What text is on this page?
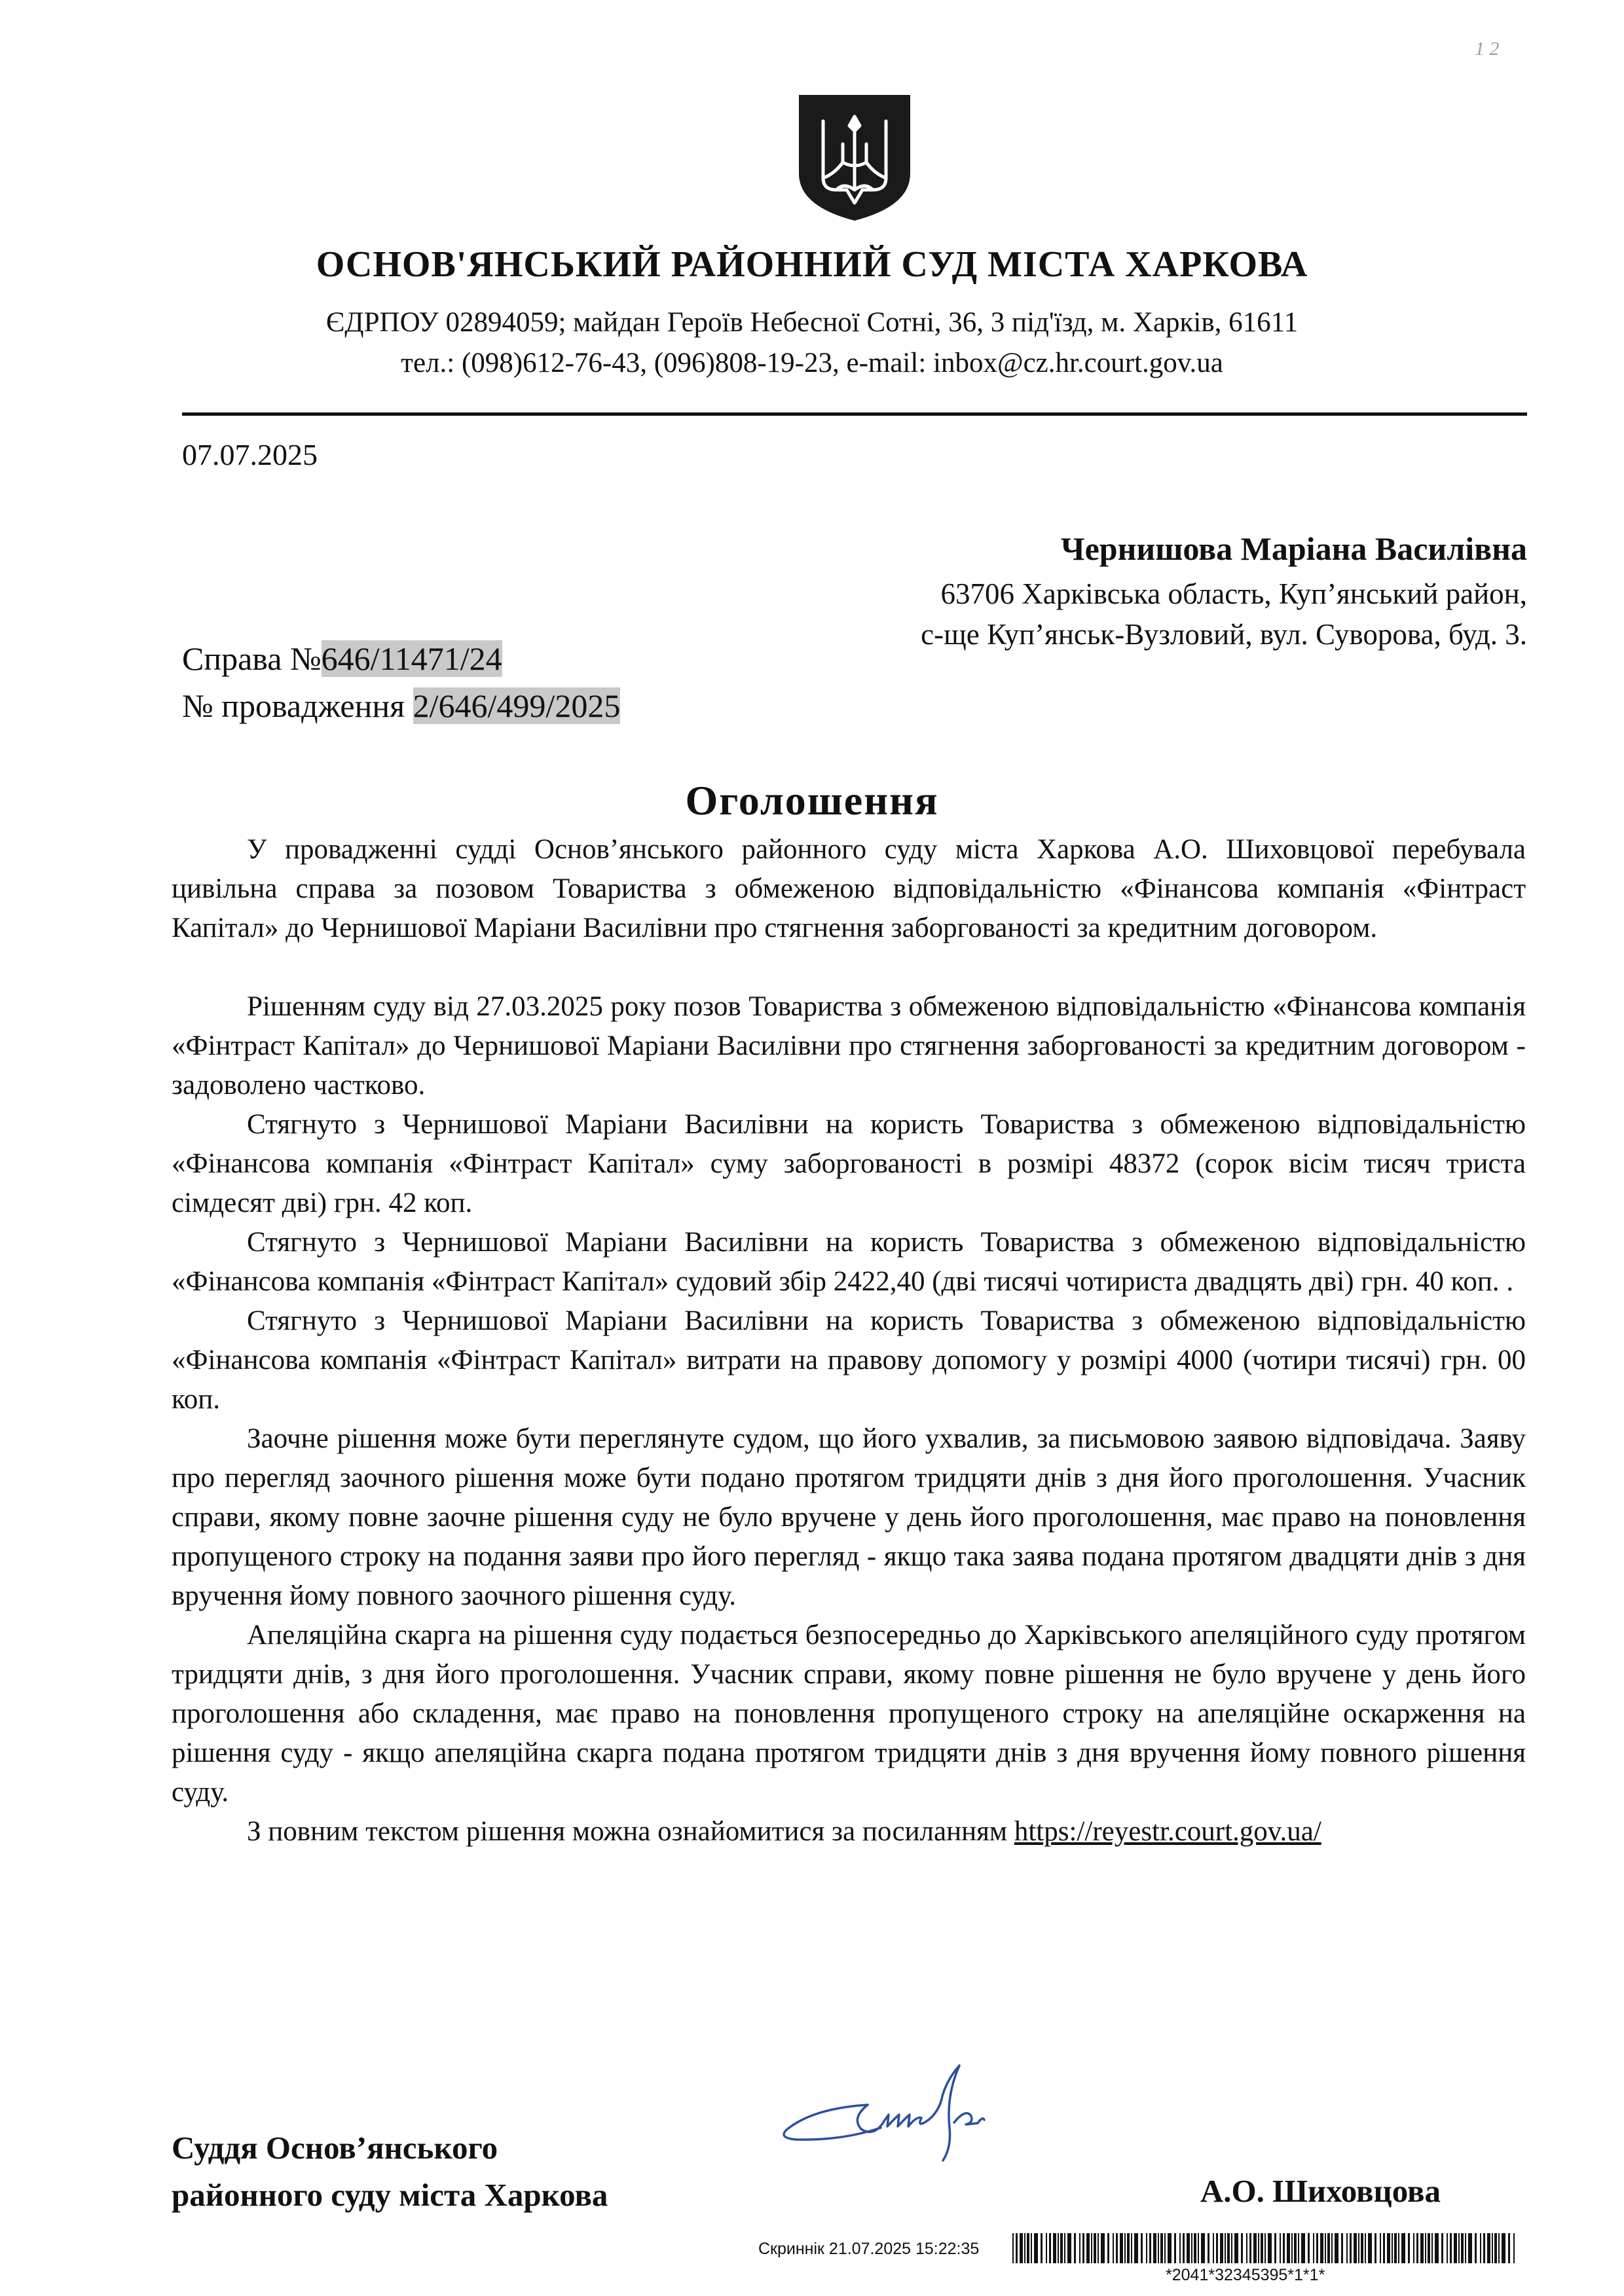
1 2
ОСНОВ'ЯНСЬКИЙ РАЙОННИЙ СУД МІСТА ХАРКОВА
ЄДРПОУ 02894059; майдан Героїв Небесної Сотні, 36, 3 під'їзд, м. Харків, 61611
тел.: (098)612-76-43, (096)808-19-23, e-mail: inbox@cz.hr.court.gov.ua
07.07.2025
Чернишова Маріана Василівна
63706 Харківська область, Куп’янський район,
с-ще Куп’янськ-Вузловий, вул. Суворова, буд. 3.
Справа №646/11471/24
№ провадження 2/646/499/2025
Оголошення

У провадженні судді Основ’янського районного суду міста Харкова А.О. Шиховцової перебувала цивільна справа за позовом Товариства з обмеженою відповідальністю «Фінансова компанія «Фінтраст Капітал» до Чернишової Маріани Василівни про стягнення заборгованості за кредитним договором.

Рішенням суду від 27.03.2025 року позов Товариства з обмеженою відповідальністю «Фінансова компанія «Фінтраст Капітал» до Чернишової Маріани Василівни про стягнення заборгованості за кредитним договором - задоволено частково.

Стягнуто з Чернишової Маріани Василівни на користь Товариства з обмеженою відповідальністю «Фінансова компанія «Фінтраст Капітал» суму заборгованості в розмірі 48372 (сорок вісім тисяч триста сімдесят дві) грн. 42 коп.

Стягнуто з Чернишової Маріани Василівни на користь Товариства з обмеженою відповідальністю «Фінансова компанія «Фінтраст Капітал» судовий збір 2422,40 (дві тисячі чотириста двадцять дві) грн. 40 коп. .

Стягнуто з Чернишової Маріани Василівни на користь Товариства з обмеженою відповідальністю «Фінансова компанія «Фінтраст Капітал» витрати на правову допомогу у розмірі 4000 (чотири тисячі) грн. 00 коп.

Заочне рішення може бути переглянуте судом, що його ухвалив, за письмовою заявою відповідача. Заяву про перегляд заочного рішення може бути подано протягом тридцяти днів з дня його проголошення. Учасник справи, якому повне заочне рішення суду не було вручене у день його проголошення, має право на поновлення пропущеного строку на подання заяви про його перегляд - якщо така заява подана протягом двадцяти днів з дня вручення йому повного заочного рішення суду.

Апеляційна скарга на рішення суду подається безпосередньо до Харківського апеляційного суду протягом тридцяти днів, з дня його проголошення. Учасник справи, якому повне рішення не було вручене у день його проголошення або складення, має право на поновлення пропущеного строку на апеляційне оскарження на рішення суду - якщо апеляційна скарга подана протягом тридцяти днів з дня вручення йому повного рішення суду.

З повним текстом рішення можна ознайомитися за посиланням https://reyestr.court.gov.ua/

Суддя Основ’янського
районного суду міста Харкова	А.О. Шиховцова
Скриннік 21.07.2025 15:22:35
*2041*32345395*1*1*
